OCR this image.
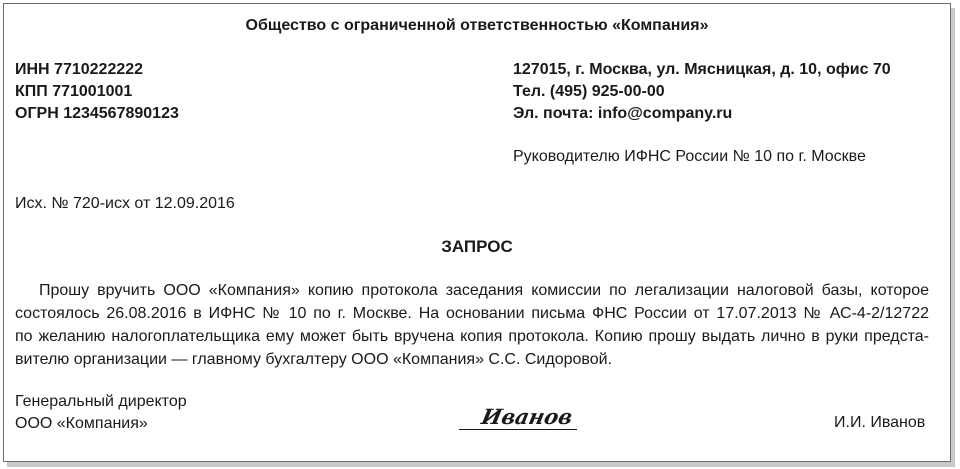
Общество с ограниченной ответственностью «Компания»
ИНН 7710222222
КПП 771001001
ОГРН 1234567890123
127015, г. Москва, ул. Мясницкая, д. 10, офис 70
Тел. (495) 925-00-00
Эл. почта: info@company.ru
Руководителю ИФНС России № 10 по г. Москве
Исх. № 720-исх от 12.09.2016
ЗАПРОС
Прошу вручить ООО «Компания» копию протокола заседания комиссии по легализации налоговой базы, которое
состоялось 26.08.2016 в ИФНС № 10 по г. Москве. На основании письма ФНС России от 17.07.2013 № АС-4-2/12722
по желанию налогоплательщика ему может быть вручена копия протокола. Копию прошу выдать лично в руки предста-
вителю организации — главному бухгалтеру ООО «Компания» С.С. Сидоровой.
Генеральный директор
ООО «Компания»	Иванов	И.И. Иванов
